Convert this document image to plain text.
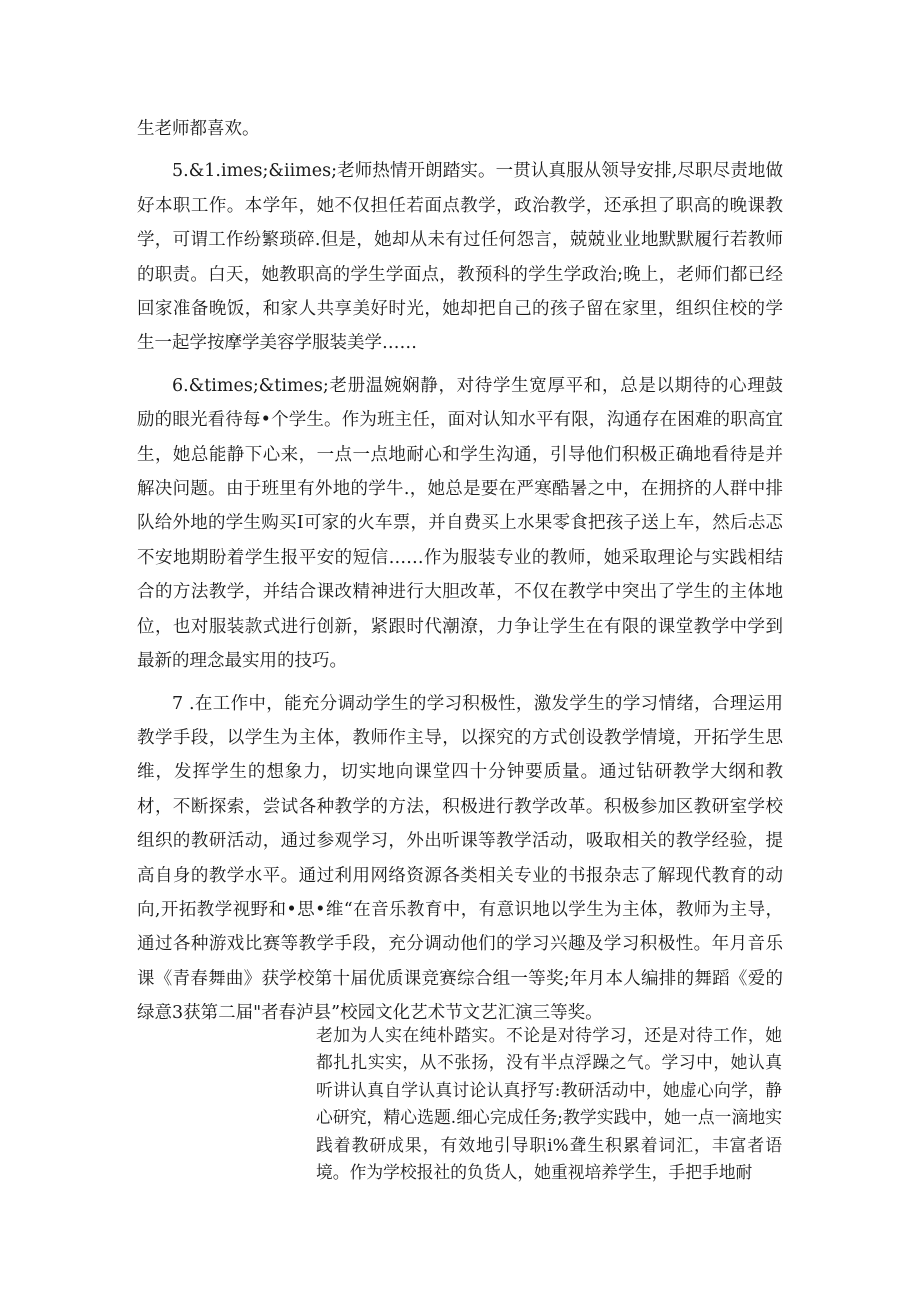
生老师都喜欢。

5.&1.imes;&iimes;老师热情开朗踏实。一贯认真服从领导安排,尽职尽责地做好本职工作。本学年，她不仅担任若面点教学，政治教学，还承担了职高的晚课教学，可谓工作纷繁琐碎.但是，她却从未有过任何怨言，兢兢业业地默默履行若教师的职责。白天，她教职高的学生学面点，教预科的学生学政治;晚上，老师们都已经回家准备晚饭，和家人共享美好时光，她却把自己的孩子留在家里，组织住校的学生一起学按摩学美容学服装美学……

6.&times;&times;老册温婉娴静，对待学生宽厚平和，总是以期待的心理鼓励的眼光看待每•个学生。作为班主任，面对认知水平有限，沟通存在困难的职高宜生，她总能静下心来，一点一点地耐心和学生沟通，引导他们积极正确地看待是并解决问题。由于班里有外地的学牛.，她总是要在严寒酷暑之中，在拥挤的人群中排队给外地的学生购买I可家的火车票，并自费买上水果零食把孩子送上车，然后忐忑不安地期盼着学生报平安的短信……作为服装专业的教师，她采取理论与实践相结合的方法教学，并结合课改精神进行大胆改革，不仅在教学中突出了学生的主体地位，也对服装款式进行创新，紧跟时代潮潦，力争让学生在有限的课堂教学中学到最新的理念最实用的技巧。

7 .在工作中，能充分调动学生的学习积极性，激发学生的学习情绪，合理运用教学手段，以学生为主体，教师作主导，以探究的方式创设教学情境，开拓学生思维，发挥学生的想象力，切实地向课堂四十分钟要质量。通过钻研教学大纲和教材，不断探索，尝试各种教学的方法，积极进行教学改革。积极参加区教研室学校组织的教研活动，通过参观学习，外出听课等教学活动，吸取相关的教学经验，提高自身的教学水平。通过利用网络资源各类相关专业的书报杂志了解现代教育的动向,开拓教学视野和•思•维“在音乐教育中，有意识地以学生为主体，教师为主导，通过各种游戏比赛等教学手段，充分调动他们的学习兴趣及学习积极性。年月音乐课《青春舞曲》获学校第十届优质课竞赛综合组一等奖;年月本人编排的舞蹈《爱的绿意3获第二届"者春泸县”校园文化艺术节文艺汇演三等奖。

老加为人实在纯朴踏实。不论是对待学习，还是对待工作，她都扎扎实实，从不张扬，没有半点浮躁之气。学习中，她认真听讲认真自学认真讨论认真抒写:教研活动中，她虚心向学，静心研究，精心选题.细心完成任务;教学实践中，她一点一滴地实践着教研成果，有效地引导职i%聋生积累着词汇，丰富者语境。作为学校报社的负货人，她重视培养学生，手把手地耐
